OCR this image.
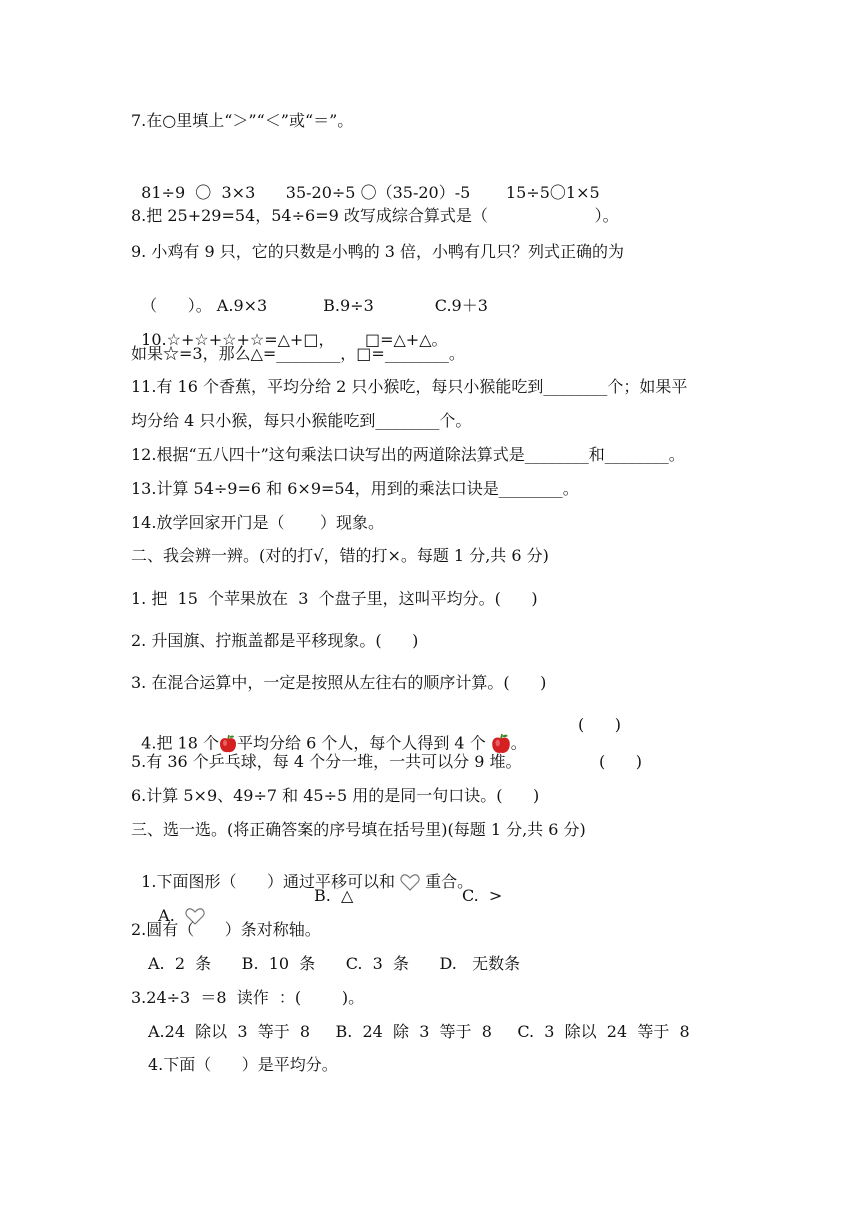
7.在○里填上“＞”“＜”或“＝”。

81÷9 〇 3×3 35-20÷5 〇（35-20）-5 15÷5〇1×5

8.把 25+29=54，54÷6=9 改写成综合算式是（                     ）。
9. 小鸡有 9 只，它的只数是小鸭的 3 倍，小鸭有几只？列式正确的为

（      ）。 A.9×3	B.9÷3	C.9＋3

10.☆+☆+☆+☆=△+□， □=△+△。

如果☆=3，那么△=________，□=________。
11.有 16 个香蕉，平均分给 2 只小猴吃，每只小猴能吃到________个；如果平
均分给 4 只小猴，每只小猴能吃到________个。
12.根据“五八四十”这句乘法口诀写出的两道除法算式是________和________。
13.计算 54÷9=6 和 6×9=54，用到的乘法口诀是________。
14.放学回家开门是（       ）现象。
二、我会辨一辨。(对的打√，错的打×。每题 1 分,共 6 分)
1. 把  15  个苹果放在  3  个盘子里，这叫平均分。(      )
2. 升国旗、拧瓶盖都是平移现象。(      )
3. 在混合运算中，一定是按照从左往右的顺序计算。(      )

4.把 18 个 平均分给 6 个人，每个人得到 4 个 。

(      )
5.有 36 个乒乓球，每 4 个分一堆，一共可以分 9 堆。	(      )
6.计算 5×9、49÷7 和 45÷5 用的是同一句口诀。(      )
三、选一选。(将正确答案的序号填在括号里)(每题 1 分,共 6 分)

1.下面图形（      ）通过平移可以和 重合。

A.

B.  △	C.  >
2.圆有（      ）条对称轴。
A.  2  条      B.  10  条      C.  3  条      D.   无数条
3.24÷3  ＝8  读作  ：(        )。
A.24  除以  3  等于  8     B.  24  除  3  等于  8     C.  3  除以  24  等于  8
4.下面（      ）是平均分。
